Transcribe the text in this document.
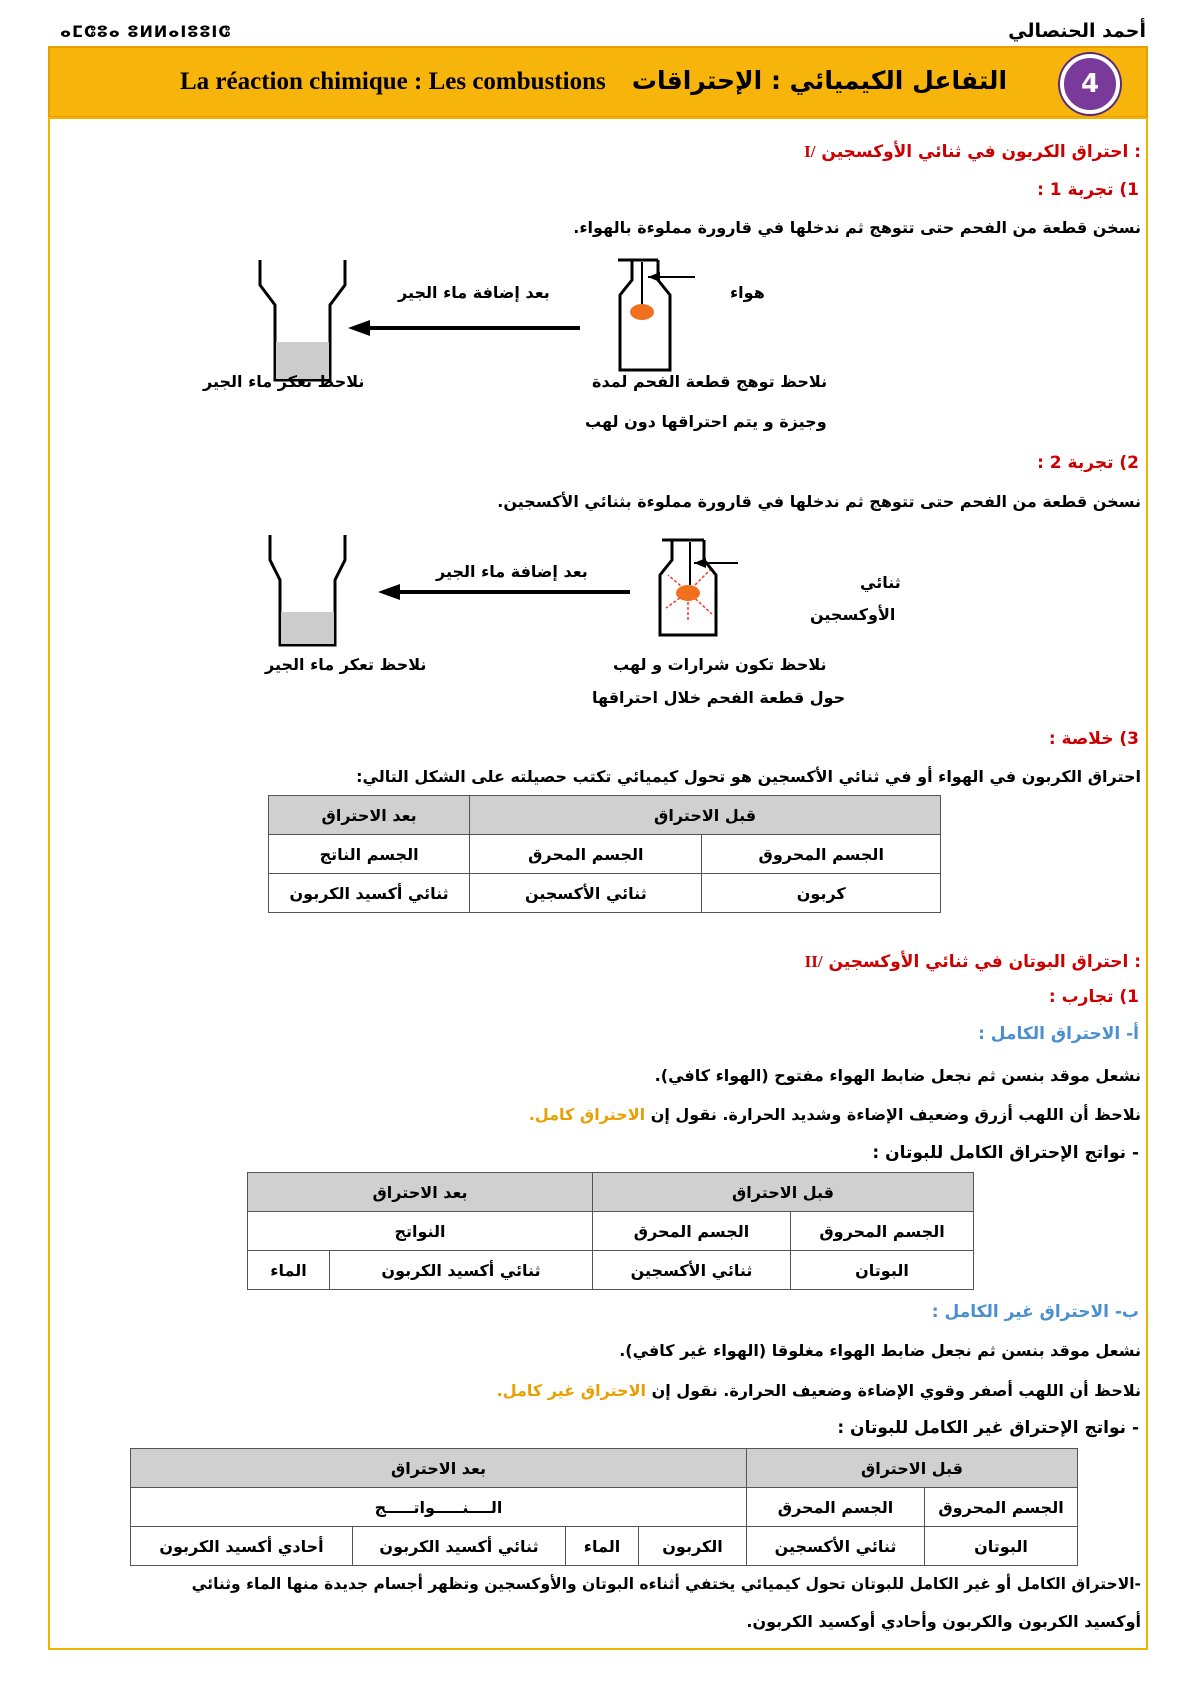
أحمد الحنصالي
ⴰⵎⵛⵓⴰ ⵓⵍⵍⴰⵏⵓⵓⵏⵛ
La réaction chimique : Les combustions التفاعل الكيميائي : الإحتراقات	4
I/ احتراق الكربون في ثنائي الأوكسجين :
1) تجربة 1 :
نسخن قطعة من الفحم حتى تتوهج ثم ندخلها في قارورة مملوءة بالهواء.
هواء
بعد إضافة ماء الجير
نلاحظ تعكر ماء الجير	نلاحظ توهج قطعة الفحم لمدة
وجيزة و يتم احتراقها دون لهب
2) تجربة 2 :
نسخن قطعة من الفحم حتى تتوهج ثم ندخلها في قارورة مملوءة بثنائي الأكسجين.
ثنائي
الأوكسجين
بعد إضافة ماء الجير
نلاحظ تعكر ماء الجير	نلاحظ تكون شرارات و لهب
حول قطعة الفحم خلال احتراقها
3) خلاصة :
احتراق الكربون في الهواء أو في ثنائي الأكسجين هو تحول كيميائي تكتب حصيلته على الشكل التالي:
قبل الاحتراق		بعد الاحتراق
الجسم المحروق	الجسم المحرق	الجسم الناتج
كربون	ثنائي الأكسجين	ثنائي أكسيد الكربون
II/ احتراق البوتان في ثنائي الأوكسجين :
1) تجارب :
أ- الاحتراق الكامل :
نشعل موقد بنسن ثم نجعل ضابط الهواء مفتوح (الهواء كافي).
نلاحظ أن اللهب أزرق وضعيف الإضاءة وشديد الحرارة. نقول إن الاحتراق كامل.
- نواتج الإحتراق الكامل للبوتان :
قبل الاحتراق		بعد الاحتراق	
الجسم المحروق	الجسم المحرق	النواتج	
البوتان	ثنائي الأكسجين	ثنائي أكسيد الكربون	الماء
ب- الاحتراق غير الكامل :
نشعل موقد بنسن ثم نجعل ضابط الهواء مغلوقا (الهواء غير كافي).
نلاحظ أن اللهب أصفر وقوي الإضاءة وضعيف الحرارة. نقول إن الاحتراق غير كامل.
- نواتج الإحتراق غير الكامل للبوتان :
قبل الاحتراق		بعد الاحتراق			
الجسم المحروق	الجسم المحرق	الــــنـــــواتـــــج			
البوتان	ثنائي الأكسجين	الكربون	الماء	ثنائي أكسيد الكربون	أحادي أكسيد الكربون
-الاحتراق الكامل أو غير الكامل للبوتان تحول كيميائي يختفي أثناءه البوتان والأوكسجين وتظهر أجسام جديدة منها الماء وثنائي
أوكسيد الكربون والكربون وأحادي أوكسيد الكربون.
